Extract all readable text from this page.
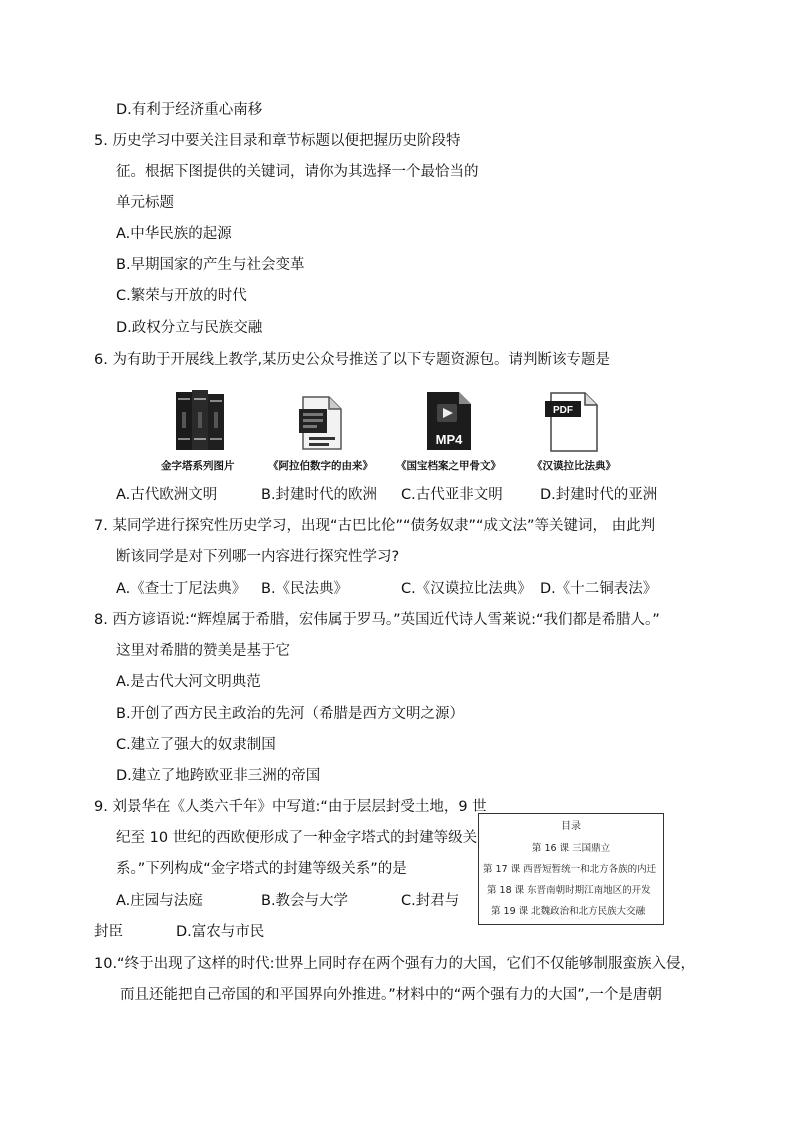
D.有利于经济重心南移
5. 历史学习中要关注目录和章节标题以便把握历史阶段特
征。根据下图提供的关键词，请你为其选择一个最恰当的
单元标题
A.中华民族的起源
B.早期国家的产生与社会变革
C.繁荣与开放的时代
D.政权分立与民族交融
6. 为有助于开展线上教学,某历史公众号推送了以下专题资源包。请判断该专题是
MP4
PDF
金字塔系列图片	《阿拉伯数字的由来》 《国宝档案之甲骨文》	《汉谟拉比法典》
A.古代欧洲文明	B.封建时代的欧洲 C.古代亚非文明	D.封建时代的亚洲
7. 某同学进行探究性历史学习，出现“古巴比伦”“债务奴隶”“成文法”等关键词， 由此判
断该同学是对下列哪一内容进行探究性学习?
A.《查士丁尼法典》 B.《民法典》	C.《汉谟拉比法典》 D.《十二铜表法》
8. 西方谚语说:“辉煌属于希腊，宏伟属于罗马。”英国近代诗人雪莱说:“我们都是希腊人。”
这里对希腊的赞美是基于它
A.是古代大河文明典范
B.开创了西方民主政治的先河（希腊是西方文明之源）
C.建立了强大的奴隶制国
D.建立了地跨欧亚非三洲的帝国
9. 刘景华在《人类六千年》中写道:“由于层层封受土地，9 世
纪至 10 世纪的西欧便形成了一种金字塔式的封建等级关
系。”下列构成“金字塔式的封建等级关系”的是
A.庄园与法庭	B.教会与大学	C.封君与
封臣	D.富农与市民
目录
第 16 课 三国鼎立
第 17 课 西晋短暂统一和北方各族的内迁
第 18 课 东晋南朝时期江南地区的开发
第 19 课 北魏政治和北方民族大交融
10.“终于出现了这样的时代:世界上同时存在两个强有力的大国，它们不仅能够制服蛮族入侵，
而且还能把自己帝国的和平国界向外推进。”材料中的“两个强有力的大国”,一个是唐朝
